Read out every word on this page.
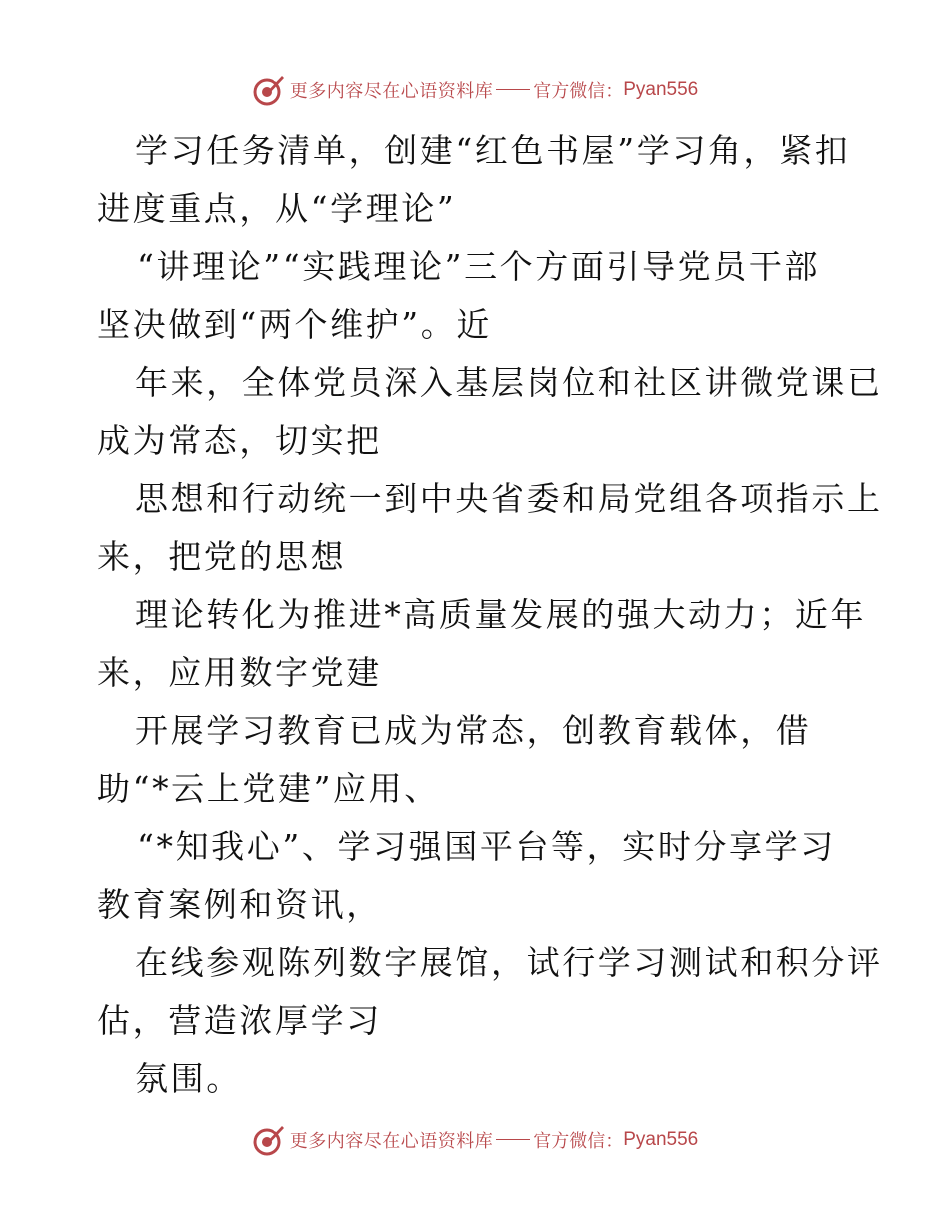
更多内容尽在心语资料库 官方微信： Pyan556
学习任务清单，创建“红色书屋”学习角，紧扣
进度重点，从“学理论”
“讲理论”“实践理论”三个方面引导党员干部
坚决做到“两个维护”。近
年来，全体党员深入基层岗位和社区讲微党课已
成为常态，切实把
思想和行动统一到中央省委和局党组各项指示上
来，把党的思想
理论转化为推进*高质量发展的强大动力；近年
来，应用数字党建
开展学习教育已成为常态，创教育载体，借
助“*云上党建”应用、
“*知我心”、学习强国平台等，实时分享学习
教育案例和资讯，
在线参观陈列数字展馆，试行学习测试和积分评
估，营造浓厚学习
氛围。
更多内容尽在心语资料库 官方微信： Pyan556
